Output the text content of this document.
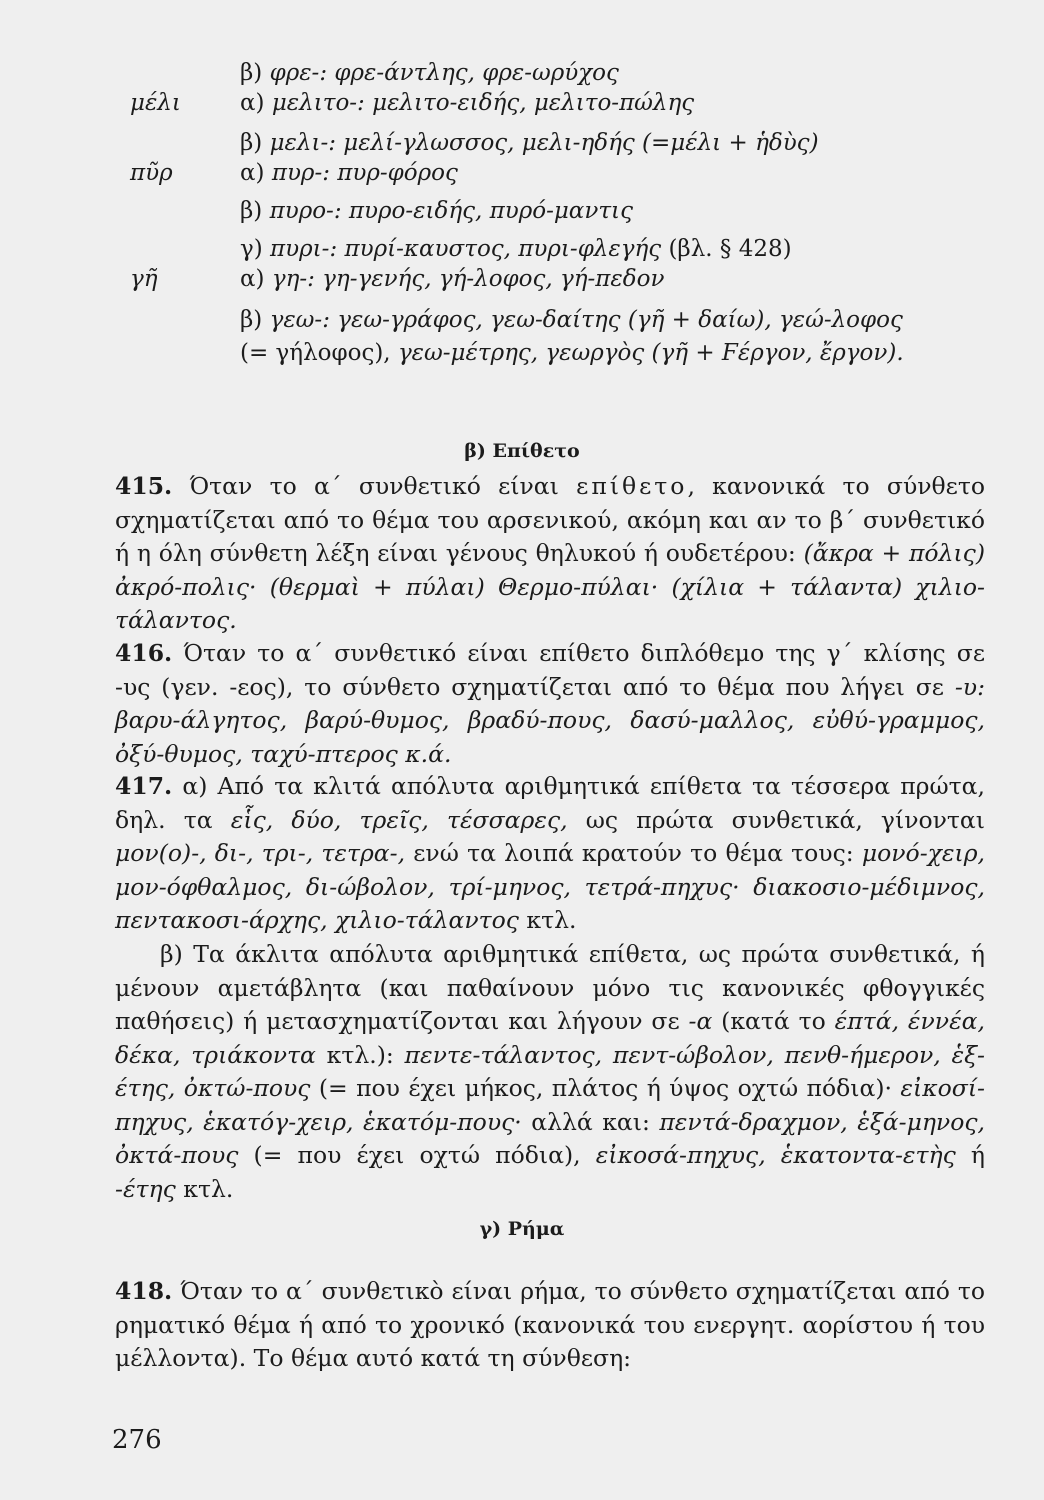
β) φρε-: φρε-άντλης, φρε-ωρύχος
μέλι	α) μελιτο-: μελιτο-ειδής, μελιτο-πώλης
β) μελι-: μελί-γλωσσος, μελι-ηδής (=μέλι + ἡδὺς)
πῦρ	α) πυρ-: πυρ-φόρος
β) πυρο-: πυρο-ειδής, πυρό-μαντις
γ) πυρι-: πυρί-καυστος, πυρι-φλεγής (βλ. § 428)
γῆ	α) γη-: γη-γενής, γή-λοφος, γή-πεδον
β) γεω-: γεω-γράφος, γεω-δαίτης (γῆ + δαίω), γεώ-λοφος
(= γήλοφος), γεω-μέτρης, γεωργὸς (γῆ + Ϝέργον, ἔργον).
β) Επίθετο

415. Όταν το α΄ συνθετικό είναι επίθετο, κανονικά το σύνθετο σχηματίζεται από το θέμα του αρσενικού, ακόμη και αν το β΄ συνθετικό ή η όλη σύνθετη λέξη είναι γένους θηλυκού ή ουδετέρου: (ἄκρα + πόλις) ἀκρό-πολις· (θερμαὶ + πύλαι) Θερμο-πύλαι· (χίλια + τάλαντα) χιλιο-τάλαντος.

416. Όταν το α΄ συνθετικό είναι επίθετο διπλόθεμο της γ΄ κλίσης σε -υς (γεν. -εος), το σύνθετο σχηματίζεται από το θέμα που λήγει σε -υ: βαρυ-άλγητος, βαρύ-θυμος, βραδύ-πους, δασύ-μαλλος, εὐθύ-γραμμος, ὀξύ-θυμος, ταχύ-πτερος κ.ά.

417. α) Από τα κλιτά απόλυτα αριθμητικά επίθετα τα τέσσερα πρώτα, δηλ. τα εἷς, δύο, τρεῖς, τέσσαρες, ως πρώτα συνθετικά, γίνονται μον(ο)-, δι-, τρι-, τετρα-, ενώ τα λοιπά κρατούν το θέμα τους: μονό-χειρ, μον-όφθαλμος, δι-ώβολον, τρί-μηνος, τετρά-πηχυς· διακοσιο-μέδιμνος, πεντακοσι-άρχης, χιλιο-τάλαντος κτλ.

β) Τα άκλιτα απόλυτα αριθμητικά επίθετα, ως πρώτα συνθετικά, ή μένουν αμετάβλητα (και παθαίνουν μόνο τις κανονικές φθογγικές παθήσεις) ή μετασχηματίζονται και λήγουν σε -α (κατά το έπτά, έννέα, δέκα, τριάκοντα κτλ.): πεντε-τάλαντος, πεντ-ώβολον, πενθ-ήμερον, ἑξ-έτης, ὀκτώ-πους (= που έχει μήκος, πλάτος ή ύψος οχτώ πόδια)· εἰκοσί-πηχυς, ἑκατόγ-χειρ, ἑκατόμ-πους· αλλά και: πεντά-δραχμον, ἑξά-μηνος, ὀκτά-πους (= που έχει οχτώ πόδια), εἰκοσά-πηχυς, ἑκατοντα-ετὴς ή -έτης κτλ.

γ) Ρήμα

418. Όταν το α΄ συνθετικὸ είναι ρήμα, το σύνθετο σχηματίζεται από το ρηματικό θέμα ή από το χρονικό (κανονικά του ενεργητ. αορίστου ή του μέλλοντα). Το θέμα αυτό κατά τη σύνθεση:

276
